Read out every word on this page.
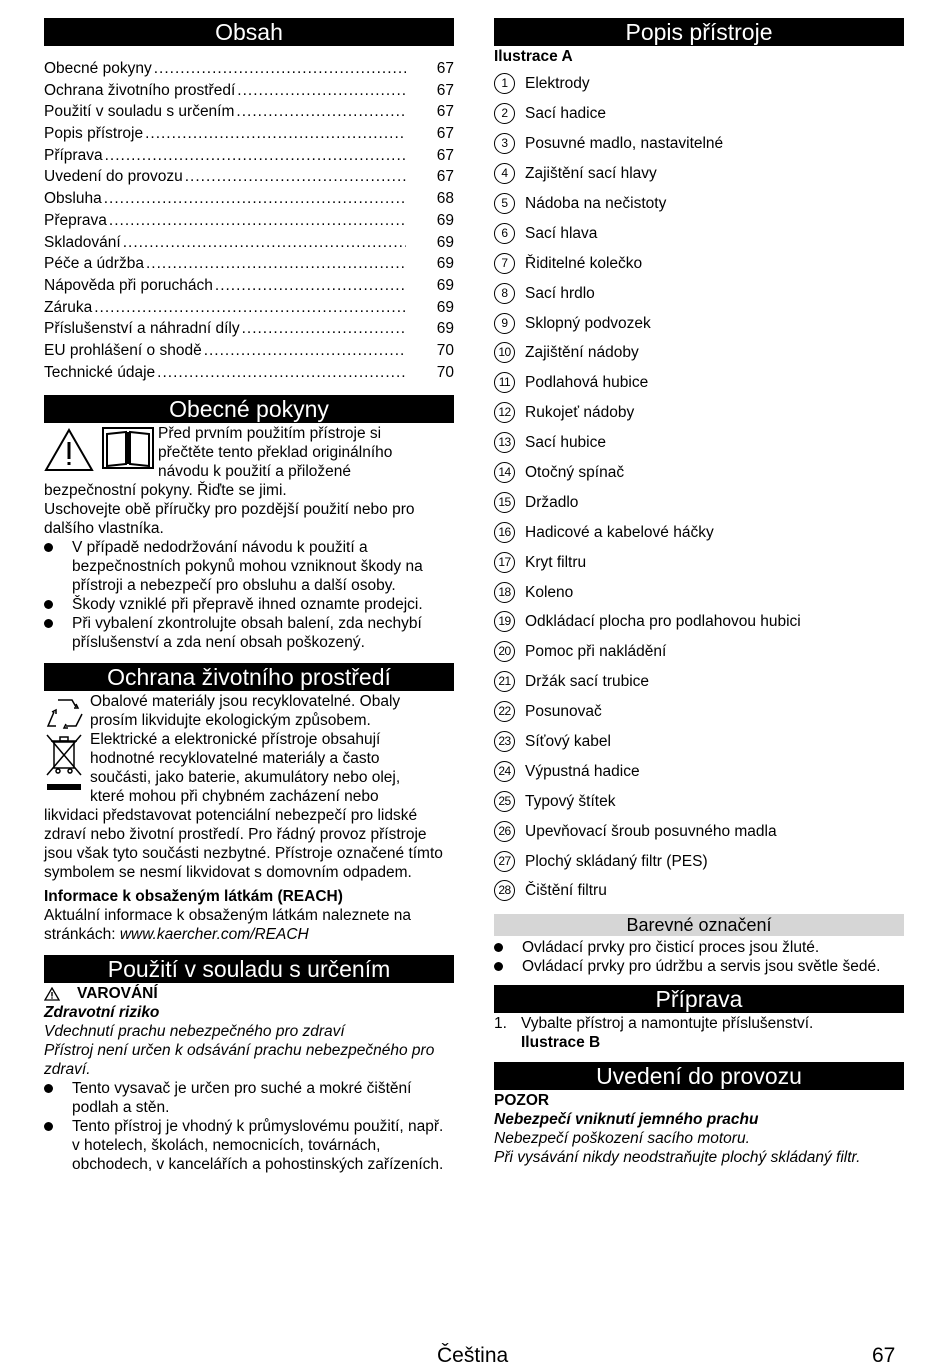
Obsah
Obecné pokyny .....	67
Ochrana životního prostředí .....	67
Použití v souladu s určením .....	67
Popis přístroje .....	67
Příprava .....	67
Uvedení do provozu .....	67
Obsluha .....	68
Přeprava .....	69
Skladování .....	69
Péče a údržba .....	69
Nápověda při poruchách .....	69
Záruka .....	69
Příslušenství a náhradní díly .....	69
EU prohlášení o shodě .....	70
Technické údaje .....	70
Obecné pokyny
Před prvním použitím přístroje si
přečtěte tento překlad originálního
návodu k použití a přiložené
bezpečnostní pokyny. Řiďte se jimi.

Uschovejte obě příručky pro pozdější použití nebo pro dalšího vlastníka.

V případě nedodržování návodu k použití a bezpečnostních pokynů mohou vzniknout škody na přístroji a nebezpečí pro obsluhu a další osoby.
Škody vzniklé při přepravě ihned oznamte prodejci.
Při vybalení zkontrolujte obsah balení, zda nechybí příslušenství a zda není obsah poškozený.
Ochrana životního prostředí
Obalové materiály jsou recyklovatelné. Obaly
prosím likvidujte ekologickým způsobem.
Elektrické a elektronické přístroje obsahují
hodnotné recyklovatelné materiály a často
součásti, jako baterie, akumulátory nebo olej,
které mohou při chybném zacházení nebo

likvidaci představovat potenciální nebezpečí pro lidské zdraví nebo životní prostředí. Pro řádný provoz přístroje jsou však tyto součásti nezbytné. Přístroje označené tímto symbolem se nesmí likvidovat s domovním odpadem.

Informace k obsaženým látkám (REACH)

Aktuální informace k obsaženým látkám naleznete na stránkách: www.kaercher.com/REACH

Použití v souladu s určením
VAROVÁNÍ

Zdravotní riziko

Vdechnutí prachu nebezpečného pro zdraví

Přístroj není určen k odsávání prachu nebezpečného pro zdraví.

Tento vysavač je určen pro suché a mokré čištění podlah a stěn.
Tento přístroj je vhodný k průmyslovému použití, např. v hotelech, školách, nemocnicích, továrnách, obchodech, v kancelářích a pohostinských zařízeních.
Popis přístroje

Ilustrace A

1	Elektrody
2	Sací hadice
3	Posuvné madlo, nastavitelné
4	Zajištění sací hlavy
5	Nádoba na nečistoty
6	Sací hlava
7	Řiditelné kolečko
8	Sací hrdlo
9	Sklopný podvozek
10 Zajištění nádoby
11 Podlahová hubice
12 Rukojeť nádoby
13 Sací hubice
14 Otočný spínač
15 Držadlo
16 Hadicové a kabelové háčky
17 Kryt filtru
18 Koleno
19 Odkládací plocha pro podlahovou hubici
20 Pomoc při nakládění
21 Držák sací trubice
22 Posunovač
23 Síťový kabel
24 Výpustná hadice
25 Typový štítek
26 Upevňovací šroub posuvného madla
27 Plochý skládaný filtr (PES)
28 Čištění filtru
Barevné označení
Ovládací prvky pro čisticí proces jsou žluté.
Ovládací prvky pro údržbu a servis jsou světle šedé.
Příprava
1. Vybalte přístroj a namontujte příslušenství.
Ilustrace B
Uvedení do provozu

POZOR

Nebezpečí vniknutí jemného prachu

Nebezpečí poškození sacího motoru.

Při vysávání nikdy neodstraňujte plochý skládaný filtr.

Čeština	67
